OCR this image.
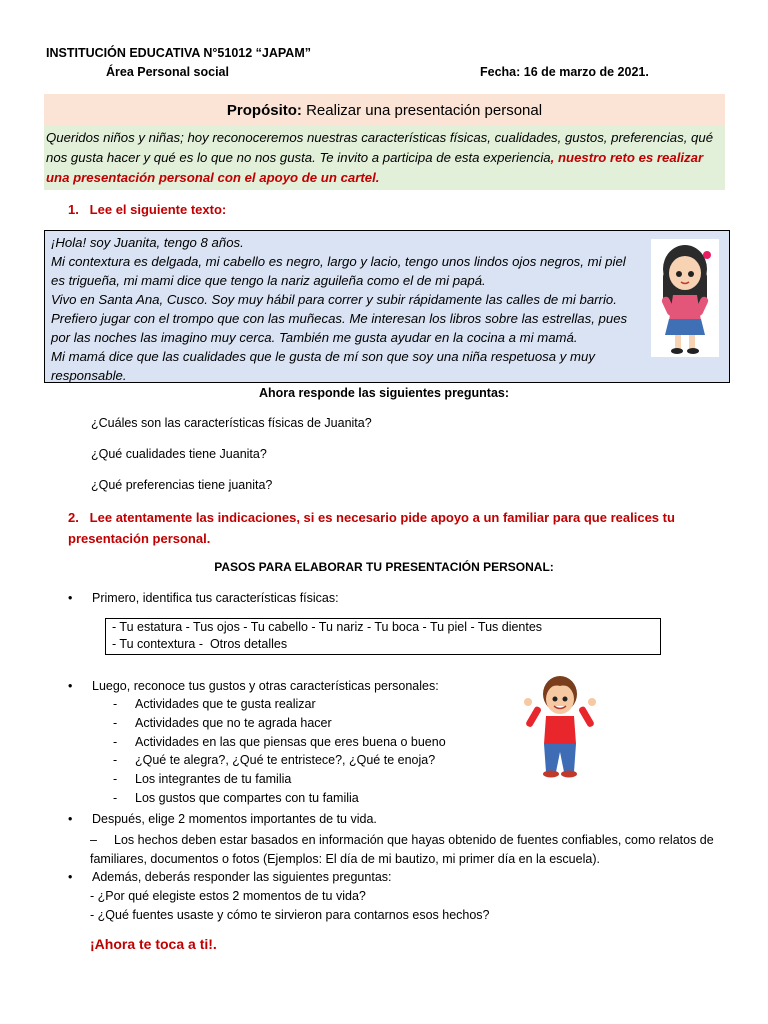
INSTITUCIÓN EDUCATIVA N°51012 “JAPAM”
Área Personal social	Fecha: 16 de marzo de 2021.
Propósito: Realizar una presentación personal
Queridos niños y niñas; hoy reconoceremos nuestras características físicas, cualidades, gustos, preferencias, qué nos gusta hacer y qué es lo que no nos gusta. Te invito a participa de esta experiencia, nuestro reto es realizar una presentación personal con el apoyo de un cartel.
1.   Lee el siguiente texto:
¡Hola! soy Juanita, tengo 8 años.
Mi contextura es delgada, mi cabello es negro, largo y lacio, tengo unos lindos ojos negros, mi piel es trigueña, mi mami dice que tengo la nariz aguileña como el de mi papá.
Vivo en Santa Ana, Cusco. Soy muy hábil para correr y subir rápidamente las calles de mi barrio.
Prefiero jugar con el trompo que con las muñecas. Me interesan los libros sobre las estrellas, pues por las noches las imagino muy cerca. También me gusta ayudar en la cocina a mi mamá.
Mi mamá dice que las cualidades que le gusta de mí son que soy una niña respetuosa y muy responsable.
Ahora responde las siguientes preguntas:
¿Cuáles son las características físicas de Juanita?
¿Qué cualidades tiene Juanita?
¿Qué preferencias tiene juanita?
2.   Lee atentamente las indicaciones, si es necesario pide apoyo a un familiar para que realices tu presentación personal.
PASOS PARA ELABORAR TU PRESENTACIÓN PERSONAL:
• Primero, identifica tus características físicas:
- Tu estatura - Tus ojos - Tu cabello - Tu nariz - Tu boca - Tu piel - Tus dientes
- Tu contextura -  Otros detalles
• Luego, reconoce tus gustos y otras características personales:
- Actividades que te gusta realizar
- Actividades que no te agrada hacer
- Actividades en las que piensas que eres buena o bueno
- ¿Qué te alegra?, ¿Qué te entristece?, ¿Qué te enoja?
- Los integrantes de tu familia
- Los gustos que compartes con tu familia
• Después, elige 2 momentos importantes de tu vida.
– Los hechos deben estar basados en información que hayas obtenido de fuentes confiables, como relatos de familiares, documentos o fotos (Ejemplos: El día de mi bautizo, mi primer día en la escuela).
• Además, deberás responder las siguientes preguntas:
- ¿Por qué elegiste estos 2 momentos de tu vida?
- ¿Qué fuentes usaste y cómo te sirvieron para contarnos esos hechos?
¡Ahora te toca a ti!.
